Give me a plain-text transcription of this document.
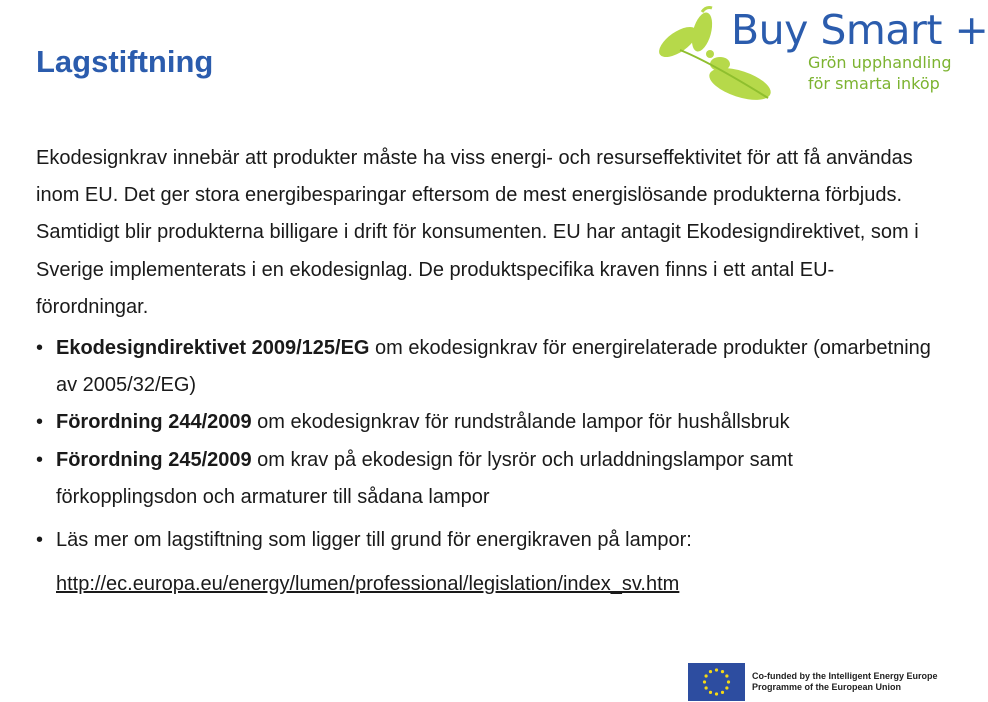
Lagstiftning
Buy Smart +
Grön upphandling
för smarta inköp

Ekodesignkrav innebär att produkter måste ha viss energi- och resurseffektivitet för att få användas inom EU. Det ger stora energibesparingar eftersom de mest energislösande produkterna förbjuds. Samtidigt blir produkterna billigare i drift för konsumenten. EU har antagit Ekodesigndirektivet, som i Sverige implementerats i en ekodesignlag. De produktspecifika kraven finns i ett antal EU-förordningar.

• Ekodesigndirektivet 2009/125/EG om ekodesignkrav för energirelaterade produkter (omarbetning av 2005/32/EG)
• Förordning 244/2009 om ekodesignkrav för rundstrålande lampor för hushållsbruk
• Förordning 245/2009 om krav på ekodesign för lysrör och urladdningslampor samt förkopplingsdon och armaturer till sådana lampor
• Läs mer om lagstiftning som ligger till grund för energikraven på lampor:
http://ec.europa.eu/energy/lumen/professional/legislation/index_sv.htm
Co-funded by the Intelligent Energy Europe
Programme of the European Union
